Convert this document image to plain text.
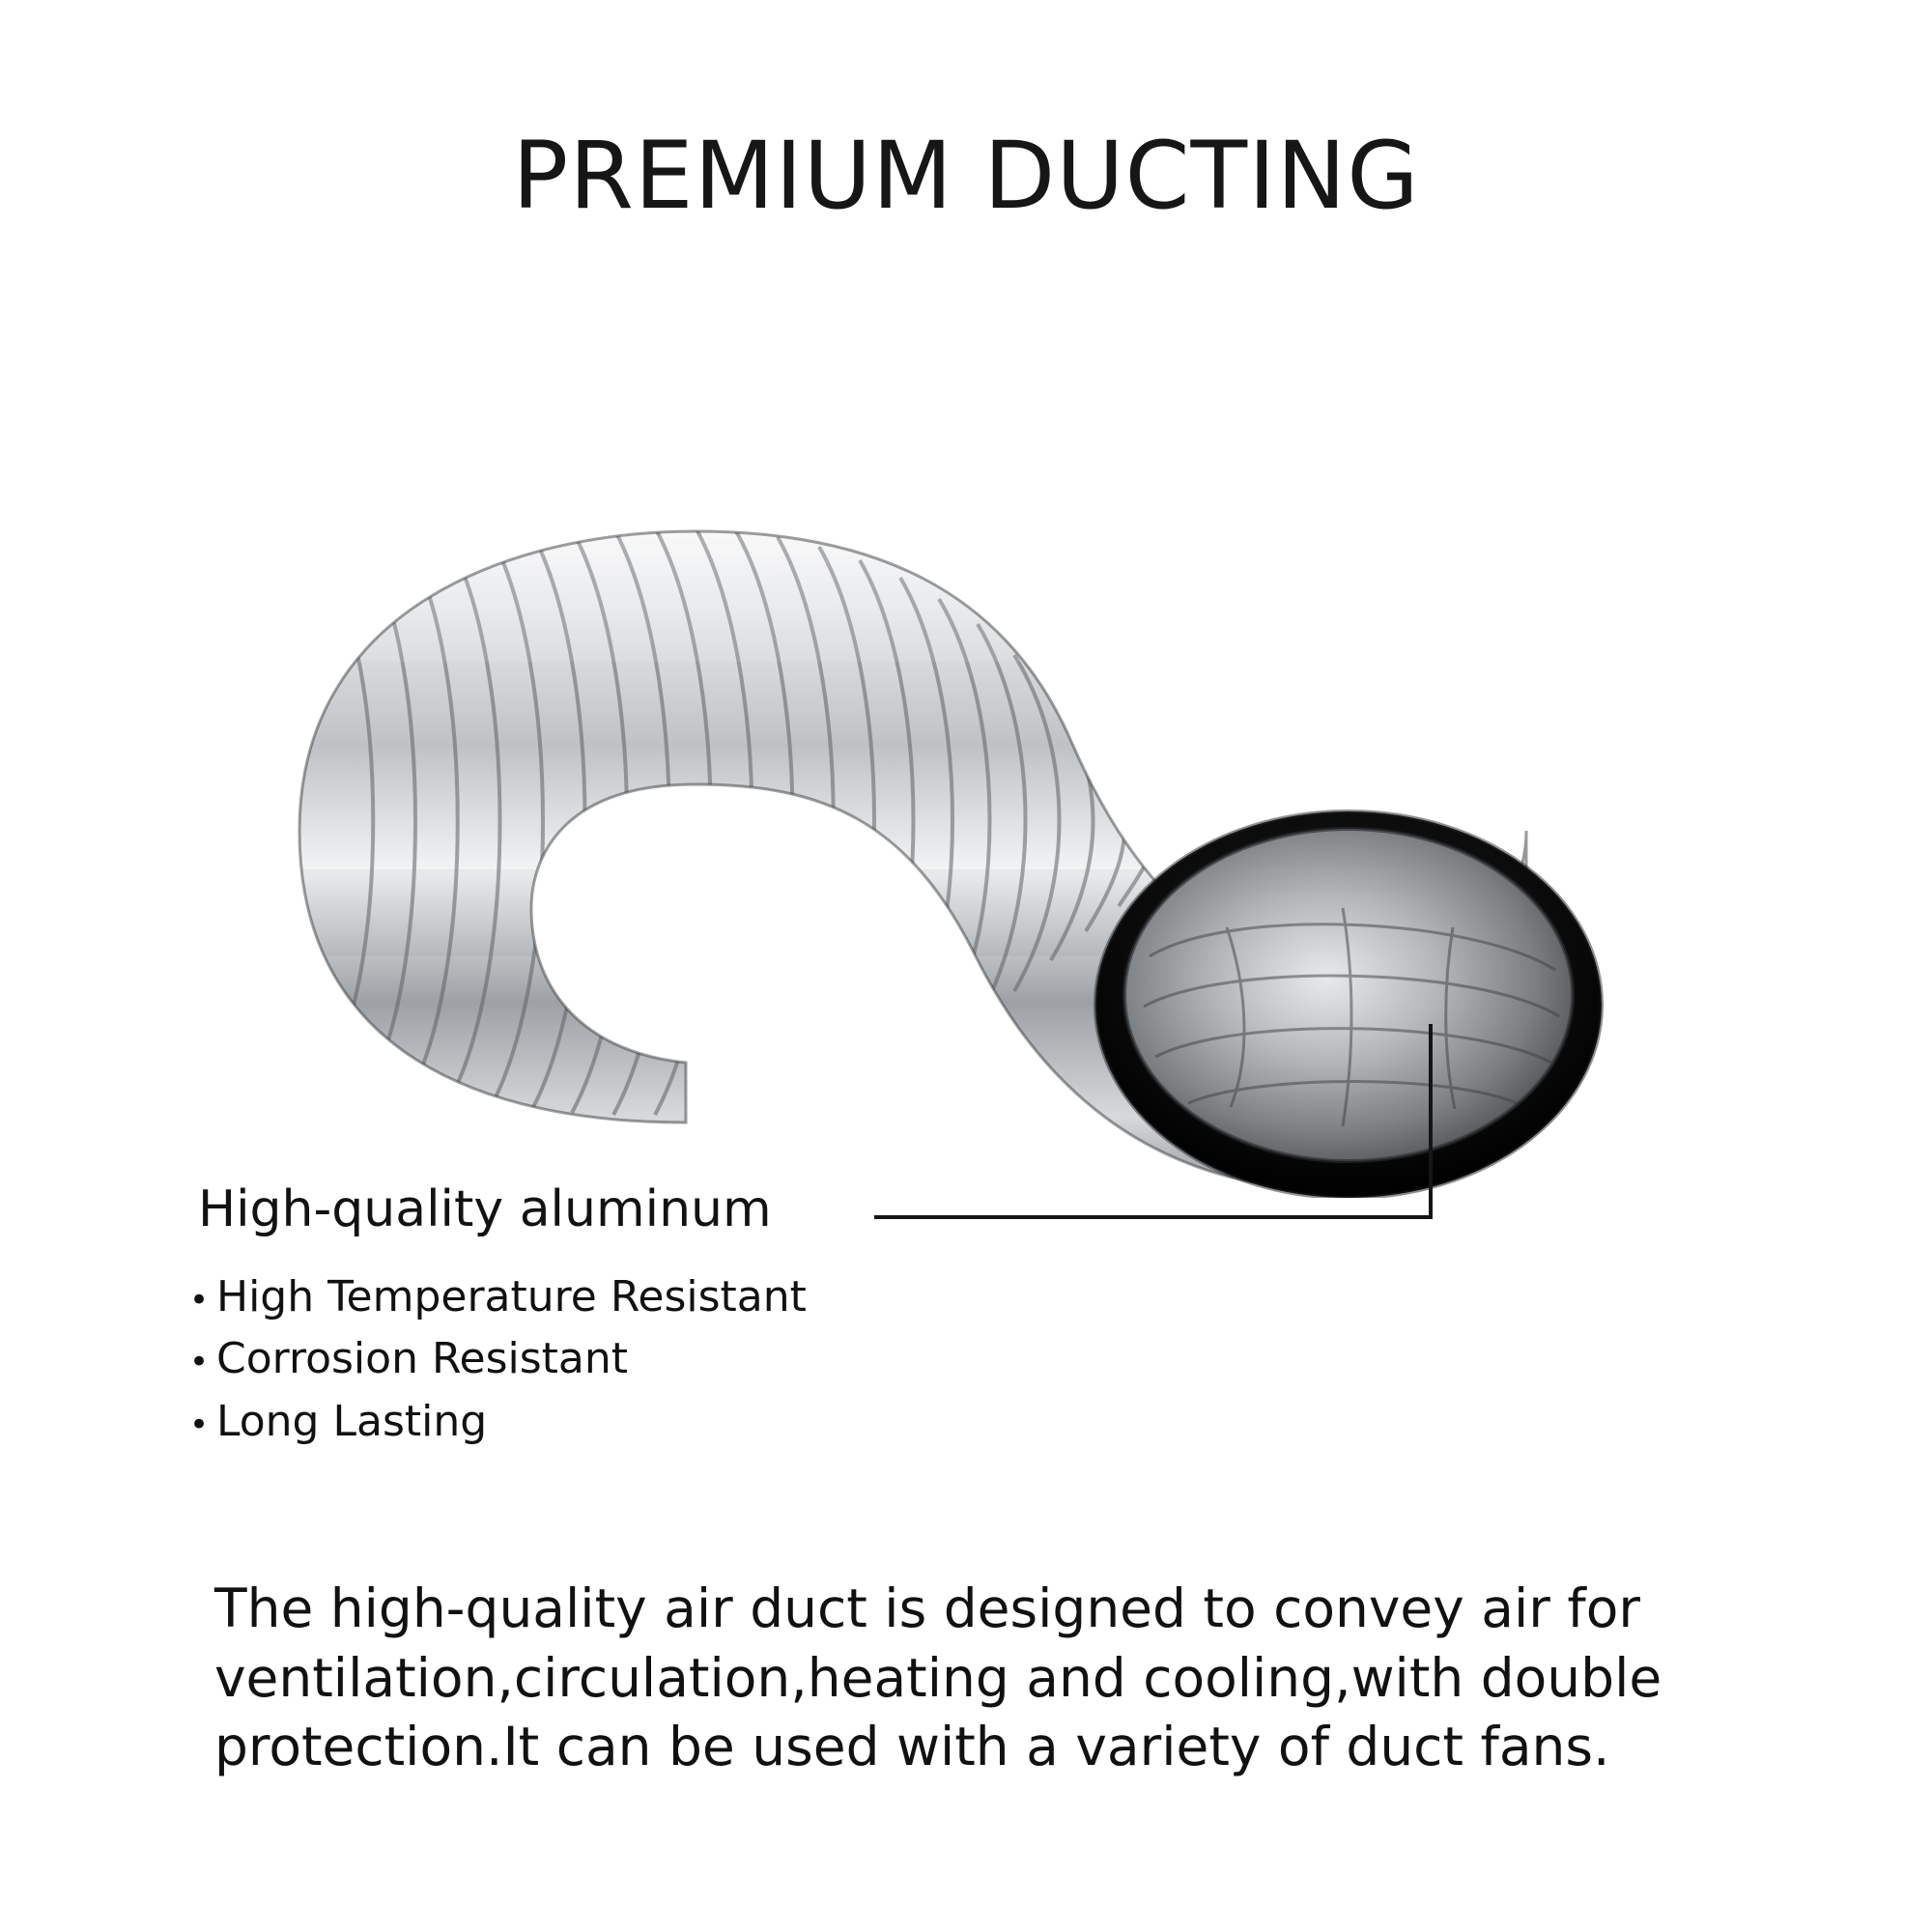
PREMIUM DUCTING
High-quality aluminum
• High Temperature Resistant
• Corrosion Resistant
• Long Lasting
The high-quality air duct is designed to convey air for ventilation,circulation,heating and cooling,with double protection.It can be used with a variety of duct fans.
